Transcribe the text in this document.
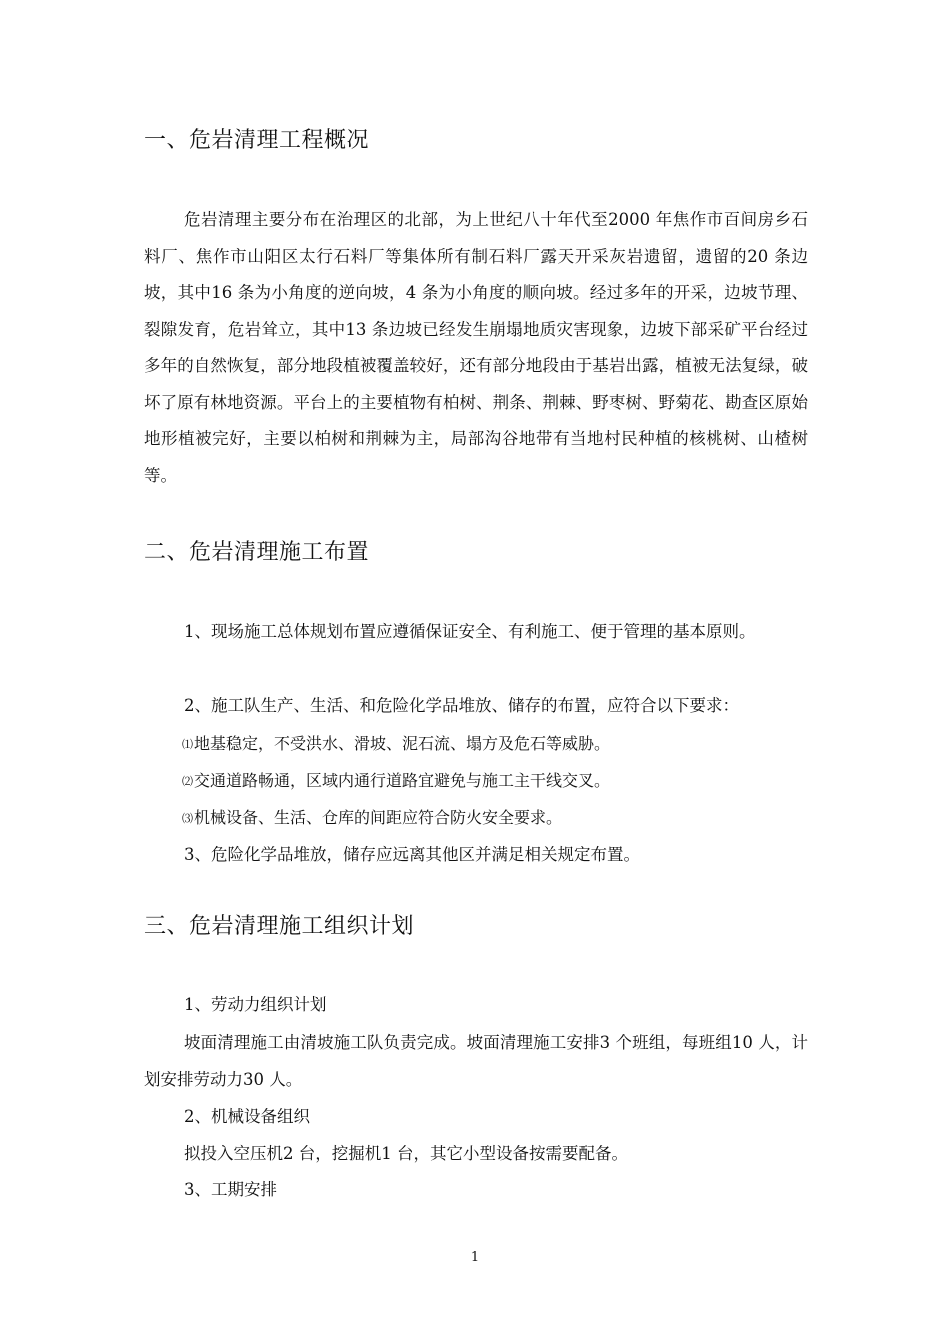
一、危岩清理工程概况

危岩清理主要分布在治理区的北部，为上世纪八十年代至2000 年焦作市百间房乡石料厂、焦作市山阳区太行石料厂等集体所有制石料厂露天开采灰岩遗留，遗留的20 条边坡，其中16 条为小角度的逆向坡，4 条为小角度的顺向坡。经过多年的开采，边坡节理、裂隙发育，危岩耸立，其中13 条边坡已经发生崩塌地质灾害现象，边坡下部采矿平台经过多年的自然恢复，部分地段植被覆盖较好，还有部分地段由于基岩出露，植被无法复绿，破坏了原有林地资源。平台上的主要植物有柏树、荆条、荆棘、野枣树、野菊花、勘查区原始地形植被完好，主要以柏树和荆棘为主，局部沟谷地带有当地村民种植的核桃树、山楂树等。

二、危岩清理施工布置

1、现场施工总体规划布置应遵循保证安全、有利施工、便于管理的基本原则。

2、施工队生产、生活、和危险化学品堆放、储存的布置，应符合以下要求：

⑴地基稳定，不受洪水、滑坡、泥石流、塌方及危石等威胁。

⑵交通道路畅通，区域内通行道路宜避免与施工主干线交叉。

⑶机械设备、生活、仓库的间距应符合防火安全要求。

3、危险化学品堆放，储存应远离其他区并满足相关规定布置。

三、危岩清理施工组织计划

1、劳动力组织计划

坡面清理施工由清坡施工队负责完成。坡面清理施工安排3 个班组，每班组10 人，计划安排劳动力30 人。

2、机械设备组织

拟投入空压机2 台，挖掘机1 台，其它小型设备按需要配备。

3、工期安排

1
